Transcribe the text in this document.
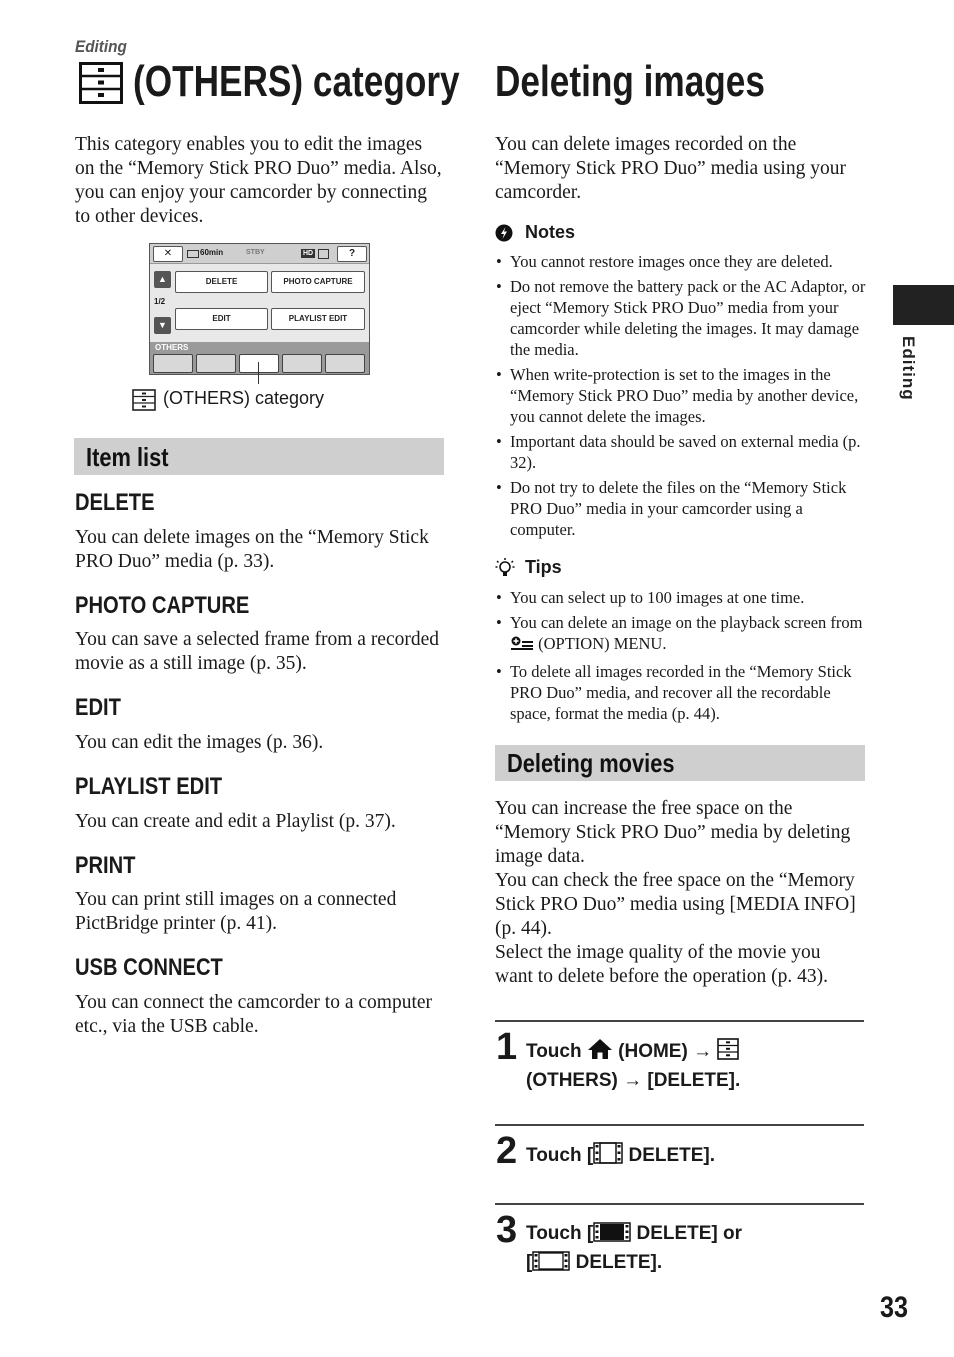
Editing
(OTHERS) category
This category enables you to edit the images on the “Memory Stick PRO Duo” media. Also, you can enjoy your camcorder by connecting to other devices.
✕	60min	STBY	HD	?
▲
1/2
▼
DELETE	PHOTO CAPTURE
EDIT	PLAYLIST EDIT
OTHERS
(OTHERS) category
Item list
DELETE
You can delete images on the “Memory Stick PRO Duo” media (p. 33).
PHOTO CAPTURE
You can save a selected frame from a recorded movie as a still image (p. 35).
EDIT
You can edit the images (p. 36).
PLAYLIST EDIT
You can create and edit a Playlist (p. 37).
PRINT
You can print still images on a connected PictBridge printer (p. 41).
USB CONNECT
You can connect the camcorder to a computer etc., via the USB cable.
Deleting images
You can delete images recorded on the “Memory Stick PRO Duo” media using your camcorder.
Notes
• You cannot restore images once they are deleted.
• Do not remove the battery pack or the AC Adaptor, or eject “Memory Stick PRO Duo” media from your camcorder while deleting the images. It may damage the media.
• When write-protection is set to the images in the “Memory Stick PRO Duo” media by another device, you cannot delete the images.
• Important data should be saved on external media (p. 32).
• Do not try to delete the files on the “Memory Stick PRO Duo” media in your camcorder using a computer.
Tips
• You can select up to 100 images at one time.
• You can delete an image on the playback screen from  (OPTION) MENU.
• To delete all images recorded in the “Memory Stick PRO Duo” media, and recover all the recordable space, format the media (p. 44).
Deleting movies
You can increase the free space on the “Memory Stick PRO Duo” media by deleting image data.
You can check the free space on the “Memory Stick PRO Duo” media using [MEDIA INFO] (p. 44).
Select the image quality of the movie you want to delete before the operation (p. 43).
1 Touch (HOME) →
(OTHERS) → [DELETE].
2 Touch [ DELETE].
3 Touch [ DELETE] or
[ DELETE].
Editing
33
